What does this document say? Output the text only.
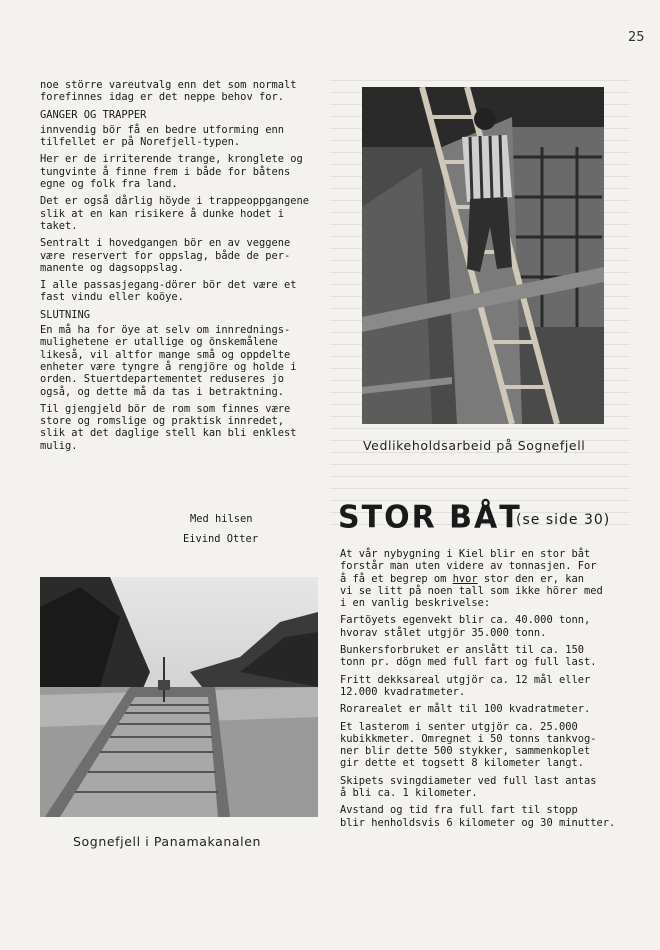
25

noe större vareutvalg enn det som normalt
forefinnes idag er det neppe behov for.

GANGER OG TRAPPER

innvendig bör få en bedre utforming enn
tilfellet er på Norefjell-typen.

Her er de irriterende trange, kronglete og
tungvinte å finne frem i både for båtens
egne og folk fra land.

Det er også dårlig höyde i trappeoppgangene
slik at en kan risikere å dunke hodet i
taket.

Sentralt i hovedgangen bör en av veggene
være reservert for oppslag, både de per-
manente og dagsoppslag.

I alle passasjegang-dörer bör det være et
fast vindu eller koöye.

SLUTNING

En må ha for öye at selv om innrednings-
mulighetene er utallige og önskemålene
likeså, vil altfor mange små og oppdelte
enheter være tyngre å rengjöre og holde i
orden. Stuertdepartementet reduseres jo
også, og dette må da tas i betraktning.

Til gjengjeld bör de rom som finnes være
store og romslige og praktisk innredet,
slik at det daglige stell kan bli enklest
mulig.

Med hilsen
Eivind Otter
Sognefjell i Panamakanalen
Vedlikeholdsarbeid på Sognefjell
STOR BÅT
(se side 30)

At vår nybygning i Kiel blir en stor båt
forstår man uten videre av tonnasjen. For
å få et begrep om hvor stor den er, kan
vi se litt på noen tall som ikke hörer med
i en vanlig beskrivelse:

Fartöyets egenvekt blir ca. 40.000 tonn,
hvorav stålet utgjör 35.000 tonn.

Bunkersforbruket er anslått til ca. 150
tonn pr. dögn med full fart og full last.

Fritt dekksareal utgjör ca. 12 mål eller
12.000 kvadratmeter.

Rorarealet er målt til 100 kvadratmeter.

Et lasterom i senter utgjör ca. 25.000
kubikkmeter. Omregnet i 50 tonns tankvog-
ner blir dette 500 stykker, sammenkoplet
gir dette et togsett 8 kilometer langt.

Skipets svingdiameter ved full last antas
å bli ca. 1 kilometer.

Avstand og tid fra full fart til stopp
blir henholdsvis 6 kilometer og 30 minutter.
